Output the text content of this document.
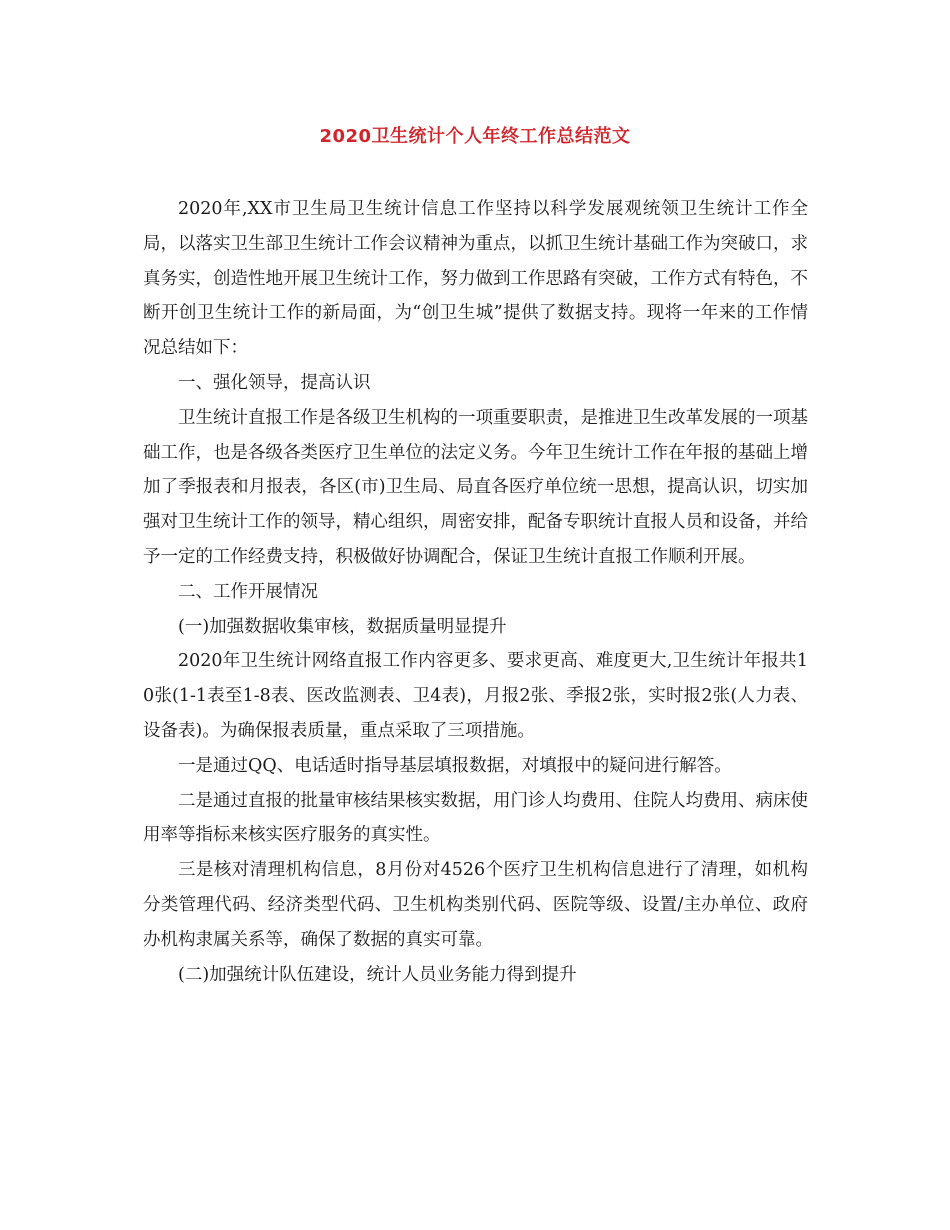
2020卫生统计个人年终工作总结范文

2020年,XX市卫生局卫生统计信息工作坚持以科学发展观统领卫生统计工作全局，以落实卫生部卫生统计工作会议精神为重点，以抓卫生统计基础工作为突破口，求真务实，创造性地开展卫生统计工作，努力做到工作思路有突破，工作方式有特色，不断开创卫生统计工作的新局面，为“创卫生城”提供了数据支持。现将一年来的工作情况总结如下：

一、强化领导，提高认识

卫生统计直报工作是各级卫生机构的一项重要职责，是推进卫生改革发展的一项基础工作，也是各级各类医疗卫生单位的法定义务。今年卫生统计工作在年报的基础上增加了季报表和月报表，各区(市)卫生局、局直各医疗单位统一思想，提高认识，切实加强对卫生统计工作的领导，精心组织，周密安排，配备专职统计直报人员和设备，并给予一定的工作经费支持，积极做好协调配合，保证卫生统计直报工作顺利开展。

二、工作开展情况

(一)加强数据收集审核，数据质量明显提升

2020年卫生统计网络直报工作内容更多、要求更高、难度更大,卫生统计年报共10张(1-1表至1-8表、医改监测表、卫4表)，月报2张、季报2张，实时报2张(人力表、设备表)。为确保报表质量，重点采取了三项措施。

一是通过QQ、电话适时指导基层填报数据，对填报中的疑问进行解答。

二是通过直报的批量审核结果核实数据，用门诊人均费用、住院人均费用、病床使用率等指标来核实医疗服务的真实性。

三是核对清理机构信息，8月份对4526个医疗卫生机构信息进行了清理，如机构分类管理代码、经济类型代码、卫生机构类别代码、医院等级、设置/主办单位、政府办机构隶属关系等，确保了数据的真实可靠。

(二)加强统计队伍建设，统计人员业务能力得到提升
